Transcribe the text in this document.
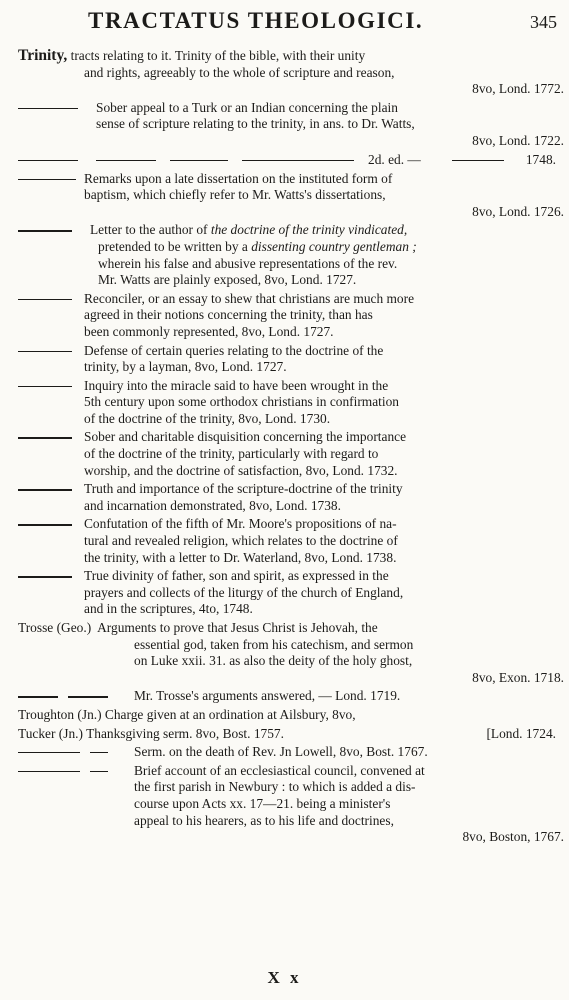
TRACTATUS THEOLOGICI.	345
Trinity, tracts relating to it. Trinity of the bible, with their unity
and rights, agreeably to the whole of scripture and reason,
8vo, Lond. 1772.
Sober appeal to a Turk or an Indian concerning the plain
sense of scripture relating to the trinity, in ans. to Dr. Watts,
8vo, Lond. 1722.
2d. ed. —	1748.
Remarks upon a late dissertation on the instituted form of
baptism, which chiefly refer to Mr. Watts's dissertations,
8vo, Lond. 1726.
Letter to the author of the doctrine of the trinity vindicated,
pretended to be written by a dissenting country gentleman ;
wherein his false and abusive representations of the rev.
Mr. Watts are plainly exposed, 8vo, Lond. 1727.
Reconciler, or an essay to shew that christians are much more
agreed in their notions concerning the trinity, than has
been commonly represented, 8vo, Lond. 1727.
Defense of certain queries relating to the doctrine of the
trinity, by a layman, 8vo, Lond. 1727.
Inquiry into the miracle said to have been wrought in the
5th century upon some orthodox christians in confirmation
of the doctrine of the trinity, 8vo, Lond. 1730.
Sober and charitable disquisition concerning the importance
of the doctrine of the trinity, particularly with regard to
worship, and the doctrine of satisfaction, 8vo, Lond. 1732.
Truth and importance of the scripture-doctrine of the trinity
and incarnation demonstrated, 8vo, Lond. 1738.
Confutation of the fifth of Mr. Moore's propositions of na-
tural and revealed religion, which relates to the doctrine of
the trinity, with a letter to Dr. Waterland, 8vo, Lond. 1738.
True divinity of father, son and spirit, as expressed in the
prayers and collects of the liturgy of the church of England,
and in the scriptures, 4to, 1748.
Trosse (Geo.) Arguments to prove that Jesus Christ is Jehovah, the
essential god, taken from his catechism, and sermon
on Luke xxii. 31. as also the deity of the holy ghost,
8vo, Exon. 1718.
Mr. Trosse's arguments answered, — Lond. 1719.
Troughton (Jn.) Charge given at an ordination at Ailsbury, 8vo,
Tucker (Jn.) Thanksgiving serm. 8vo, Bost. 1757.	[Lond. 1724.
Serm. on the death of Rev. Jn Lowell, 8vo, Bost. 1767.
Brief account of an ecclesiastical council, convened at
the first parish in Newbury : to which is added a dis-
course upon Acts xx. 17—21. being a minister's
appeal to his hearers, as to his life and doctrines,
8vo, Boston, 1767.
X x
